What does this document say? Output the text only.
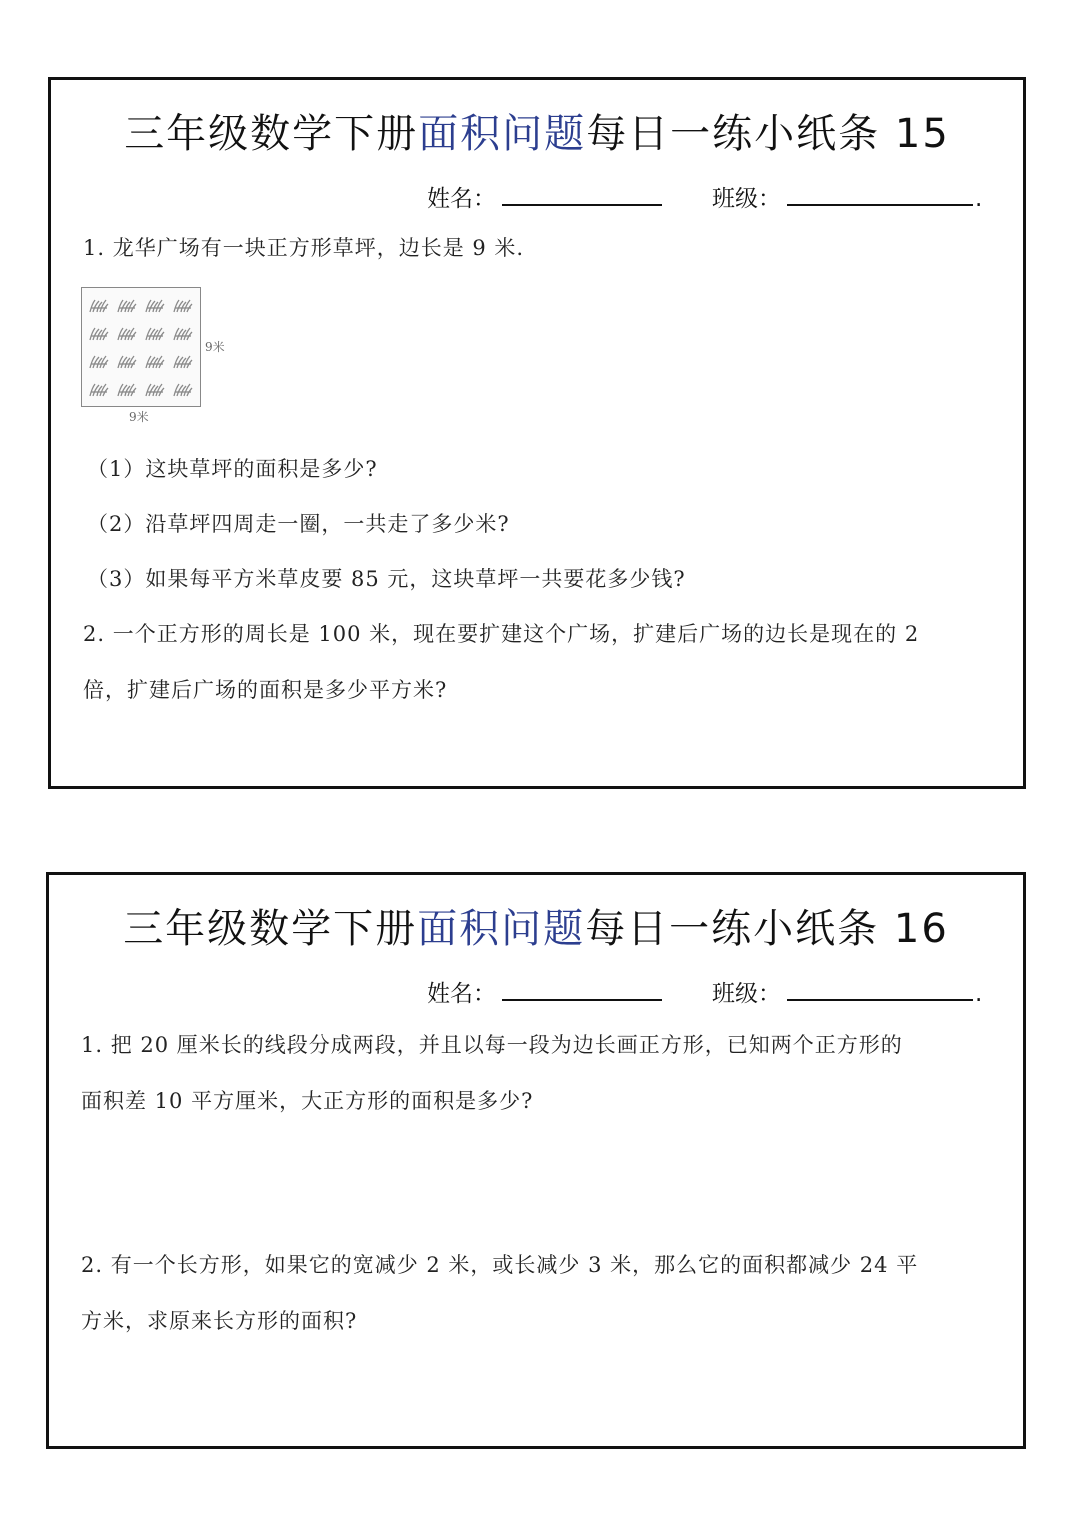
三年级数学下册面积问题每日一练小纸条 15
姓名：	班级：	.
1. 龙华广场有一块正方形草坪，边长是 9 米.
9米
9米
（1）这块草坪的面积是多少?
（2）沿草坪四周走一圈，一共走了多少米?
（3）如果每平方米草皮要 85 元，这块草坪一共要花多少钱?
2. 一个正方形的周长是 100 米，现在要扩建这个广场，扩建后广场的边长是现在的 2
倍，扩建后广场的面积是多少平方米?
三年级数学下册面积问题每日一练小纸条 16
姓名：	班级：	.
1. 把 20 厘米长的线段分成两段，并且以每一段为边长画正方形，已知两个正方形的
面积差 10 平方厘米，大正方形的面积是多少?
2. 有一个长方形，如果它的宽减少 2 米，或长减少 3 米，那么它的面积都减少 24 平
方米，求原来长方形的面积?
